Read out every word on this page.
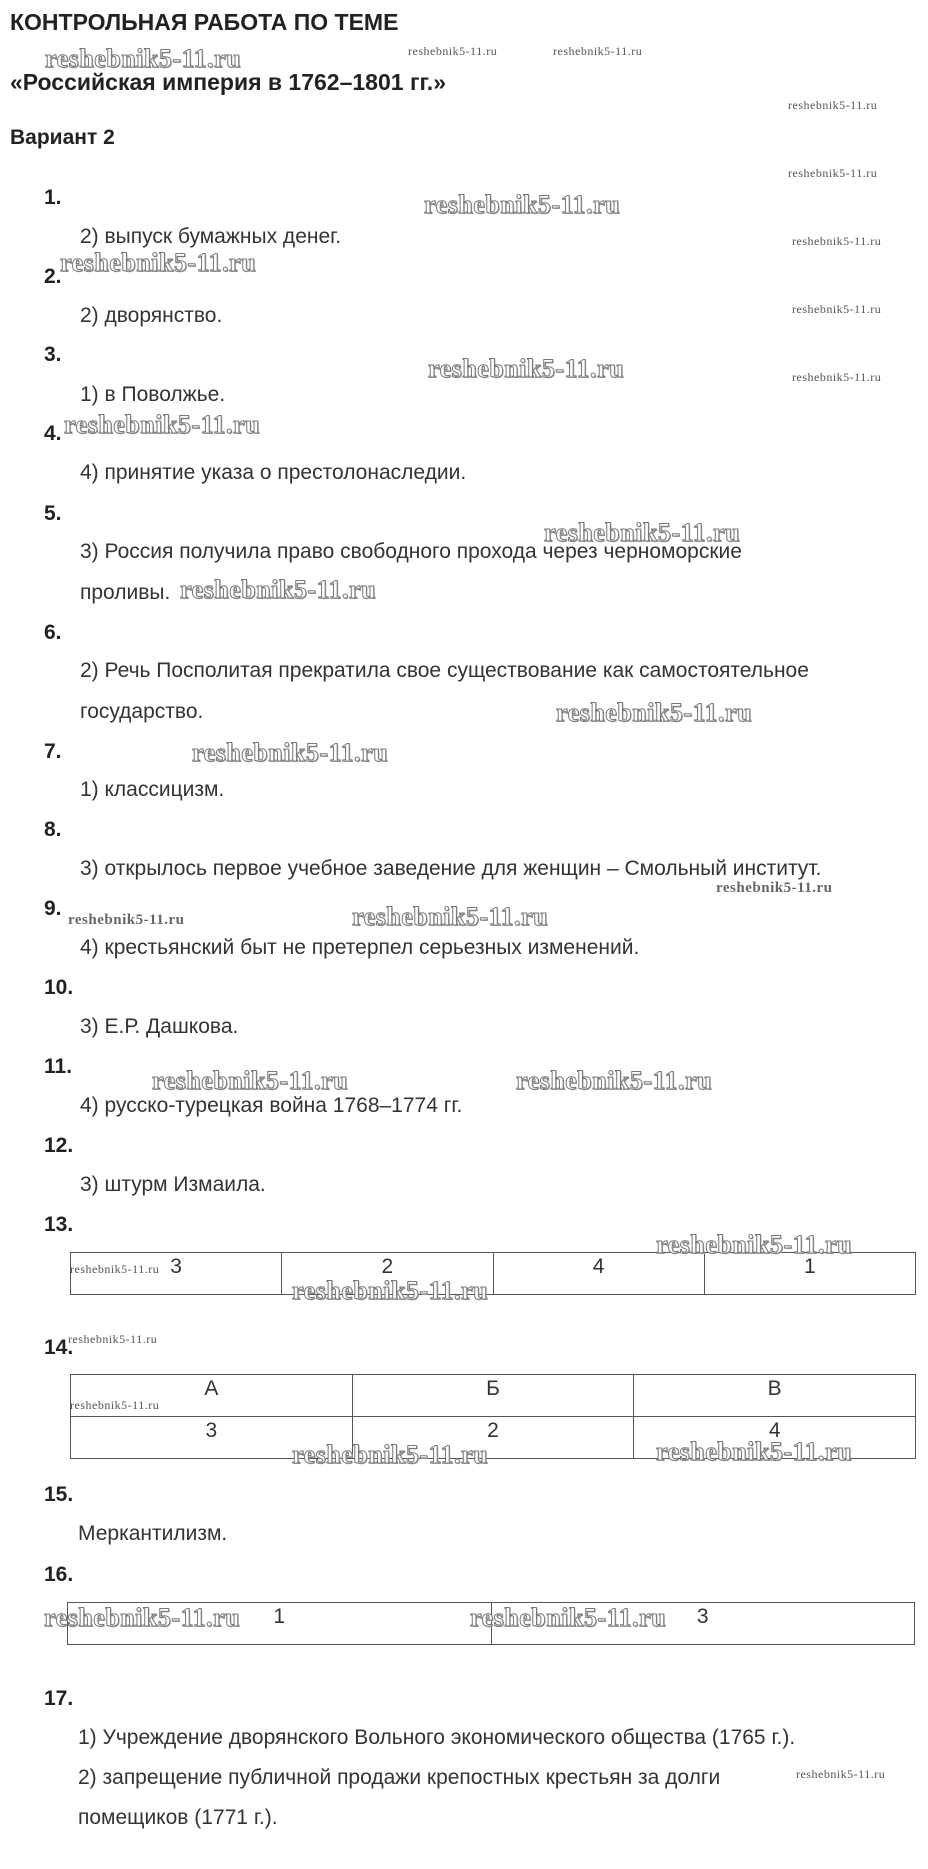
КОНТРОЛЬНАЯ РАБОТА ПО ТЕМЕ
«Российская империя в 1762–1801 гг.»
Вариант 2
1.
2) выпуск бумажных денег.
2.
2) дворянство.
3.
1) в Поволжье.
4.
4) принятие указа о престолонаследии.
5.
3) Россия получила право свободного прохода через черноморские
проливы.
6.
2) Речь Посполитая прекратила свое существование как самостоятельное
государство.
7.
1) классицизм.
8.
3) открылось первое учебное заведение для женщин – Смольный институт.
9.
4) крестьянский быт не претерпел серьезных изменений.
10.
3) Е.Р. Дашкова.
11.
4) русско-турецкая война 1768–1774 гг.
12.
3) штурм Измаила.
13.
3	2	4	1
14.
А	Б	В
3	2	4
15.
Меркантилизм.
16.
1	3
17.
1) Учреждение дворянского Вольного экономического общества (1765 г.).
2) запрещение публичной продажи крепостных крестьян за долги
помещиков (1771 г.).
reshebnik5-11.ru	reshebnik5-11.ru	reshebnik5-11.ru
reshebnik5-11.ru
reshebnik5-11.ru
reshebnik5-11.ru
reshebnik5-11.ru
reshebnik5-11.ru
reshebnik5-11.ru
reshebnik5-11.ru	reshebnik5-11.ru
reshebnik5-11.ru
reshebnik5-11.ru
reshebnik5-11.ru
reshebnik5-11.ru
reshebnik5-11.ru
reshebnik5-11.ru
reshebnik5-11.ru	reshebnik5-11.ru
reshebnik5-11.ru	reshebnik5-11.ru
reshebnik5-11.ru
reshebnik5-11.ru
reshebnik5-11.ru
reshebnik5-11.ru
reshebnik5-11.ru
reshebnik5-11.ru	reshebnik5-11.ru
reshebnik5-11.ru	reshebnik5-11.ru
reshebnik5-11.ru
